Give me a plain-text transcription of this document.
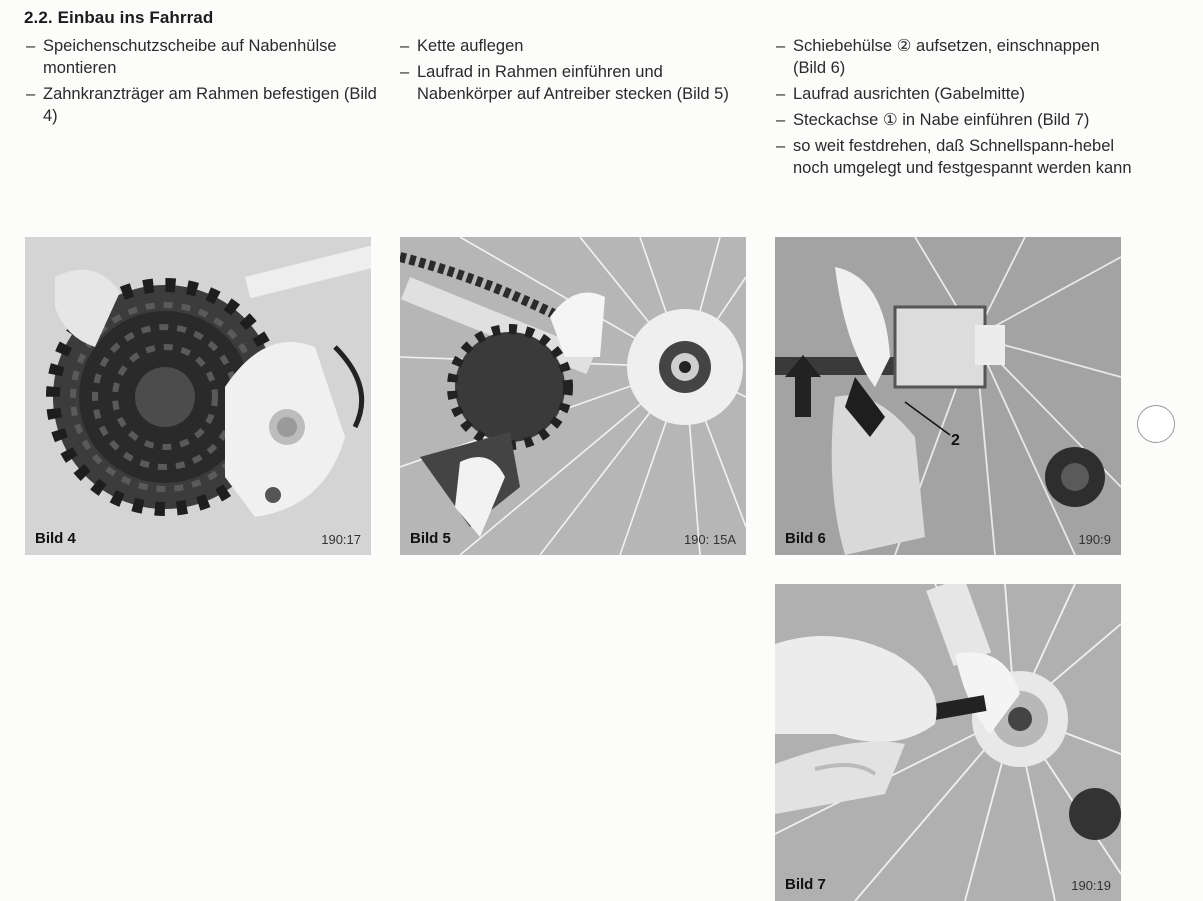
2.2. Einbau ins Fahrrad
– Speichenschutzscheibe auf Nabenhülse montieren
– Zahnkranzträger am Rahmen befestigen (Bild 4)
– Kette auflegen
– Laufrad in Rahmen einführen und Nabenkörper auf Antreiber stecken (Bild 5)
– Schiebehülse ② aufsetzen, einschnappen (Bild 6)
– Laufrad ausrichten (Gabelmitte)
– Steckachse ① in Nabe einführen (Bild 7)
– so weit festdrehen, daß Schnellspann-hebel noch umgelegt und festgespannt werden kann
Bild 4	190:17	Bild 5	190: 15A
2
Bild 6	190:9
Bild 7	190:19
